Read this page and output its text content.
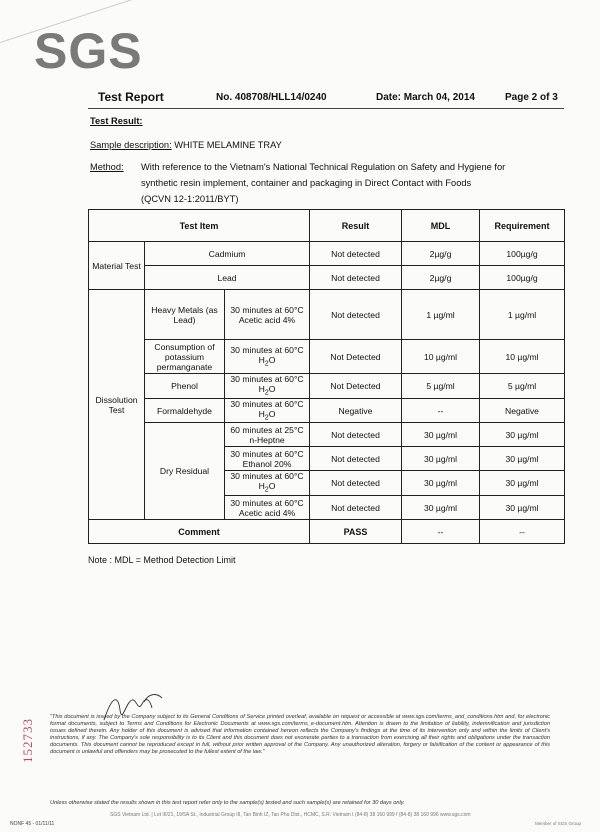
SGS
Test Report	No. 408708/HLL14/0240	Date: March 04, 2014	Page 2 of 3
Test Result:
Sample description: WHITE MELAMINE TRAY
Method: With reference to the Vietnam's National Technical Regulation on Safety and Hygiene for
synthetic resin implement, container and packaging in Direct Contact with Foods
(QCVN 12-1:2011/BYT)
Test Item			Result	MDL	Requirement
Material Test	Cadmium		Not detected	2µg/g	100µg/g
	Lead		Not detected	2µg/g	100µg/g
Dissolution Test	Heavy Metals (as Lead)	30 minutes at 60°C Acetic acid 4%	Not detected	1 µg/ml	1 µg/ml
	Consumption of potassium permanganate	30 minutes at 60°C $H_2O$	Not Detected	10 µg/ml	10 µg/ml
	Phenol	30 minutes at 60°C $H_2O$	Not Detected	5 µg/ml	5 µg/ml
	Formaldehyde	30 minutes at 60°C $H_2O$	Negative	--	Negative
	Dry Residual	60 minutes at 25°C n-Heptne	Not detected	30 µg/ml	30 µg/ml
		30 minutes at 60°C Ethanol 20%	Not detected	30 µg/ml	30 µg/ml
		30 minutes at 60°C $H_2O$	Not detected	30 µg/ml	30 µg/ml
		30 minutes at 60°C Acetic acid 4%	Not detected	30 µg/ml	30 µg/ml
Comment			PASS	--	--
Note : MDL = Method Detection Limit
152733
"This document is issued by the Company subject to its General Conditions of Service printed overleaf, available on request or accessible at www.sgs.com/terms_and_conditions.htm and, for electronic format documents, subject to Terms and Conditions for Electronic Documents at www.sgs.com/terms_e-document.htm. Attention is drawn to the limitation of liability, indemnification and jurisdiction issues defined therein. Any holder of this document is advised that information contained hereon reflects the Company's findings at the time of its intervention only and within the limits of Client's instructions, if any. The Company's sole responsibility is to its Client and this document does not exonerate parties to a transaction from exercising all their rights and obligations under the transaction documents. This document cannot be reproduced except in full, without prior written approval of the Company. Any unauthorized alteration, forgery or falsification of the content or appearance of this document is unlawful and offenders may be prosecuted to the fullest extent of the law."
Unless otherwise stated the results shown in this test report refer only to the sample(s) tested and such sample(s) are retained for 30 days only.
SGS Vietnam Ltd. | Lot III/21, 19/5A St., Industrial Group III, Tan Binh IZ, Tan Phu Dist., HCMC, S.R. Vietnam t (84-8) 38 160 999 f (84-8) 38 160 996 www.sgs.com
NONF 45 - 01/11/11	Member of SGS Group
